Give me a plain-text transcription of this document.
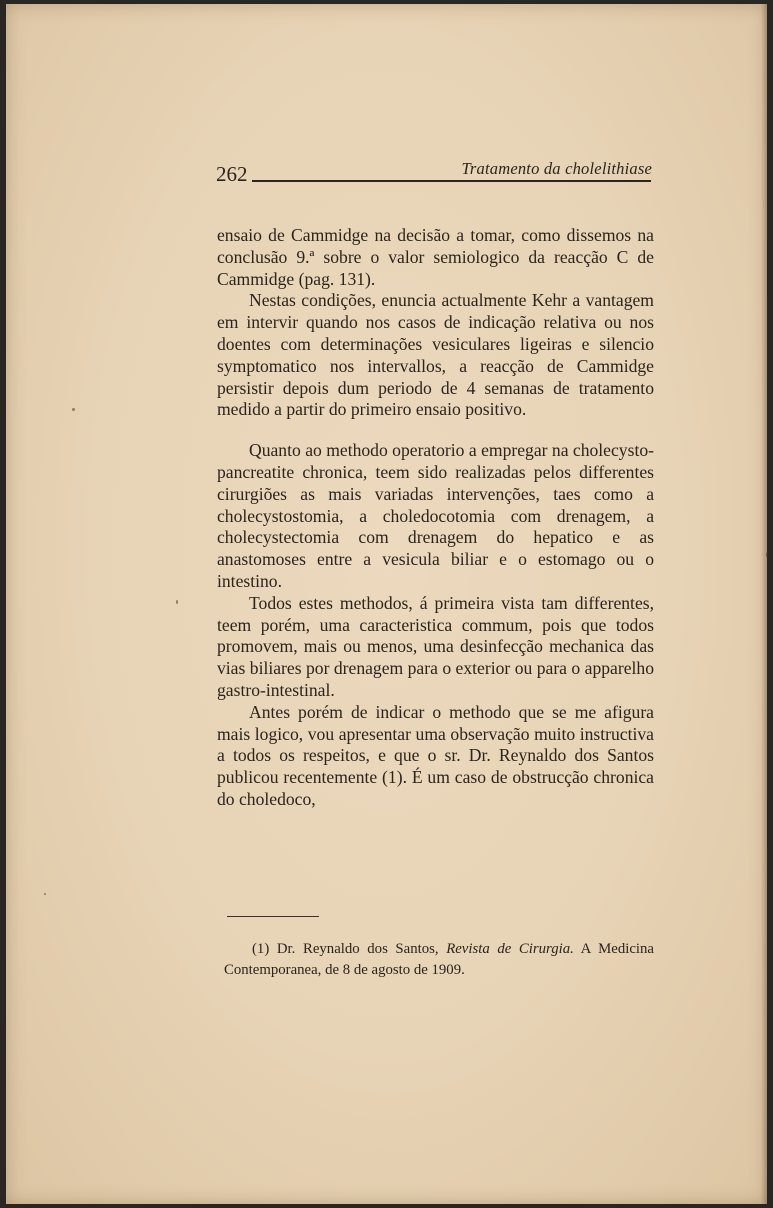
262	Tratamento da cholelithiase

ensaio de Cammidge na decisão a tomar, como dissemos na conclusão 9.ª sobre o valor semiologico da reacção C de Cammidge (pag. 131).

Nestas condições, enuncia actualmente Kehr a vantagem em intervir quando nos casos de indicação relativa ou nos doentes com determinações vesiculares ligeiras e silencio symptomatico nos intervallos, a reacção de Cammidge persistir depois dum periodo de 4 semanas de tratamento medido a partir do primeiro ensaio positivo.

Quanto ao methodo operatorio a empregar na cholecysto-pancreatite chronica, teem sido realizadas pelos differentes cirurgiões as mais variadas intervenções, taes como a cholecystostomia, a choledocotomia com drenagem, a cholecystectomia com drenagem do hepatico e as anastomoses entre a vesicula biliar e o estomago ou o intestino.

Todos estes methodos, á primeira vista tam differentes, teem porém, uma caracteristica commum, pois que todos promovem, mais ou menos, uma desinfecção mechanica das vias biliares por drenagem para o exterior ou para o apparelho gastro-intestinal.

Antes porém de indicar o methodo que se me afigura mais logico, vou apresentar uma observação muito instructiva a todos os respeitos, e que o sr. Dr. Reynaldo dos Santos publicou recentemente (1). É um caso de obstrucção chronica do choledoco,

(1) Dr. Reynaldo dos Santos, Revista de Cirurgia. A Medicina Contemporanea, de 8 de agosto de 1909.
